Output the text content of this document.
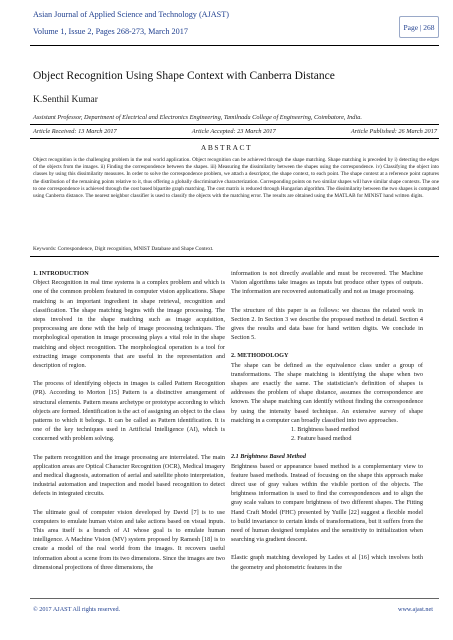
Asian Journal of Applied Science and Technology (AJAST)
Volume 1, Issue 2, Pages 268-273, March 2017	Page | 268
Object Recognition Using Shape Context with Canberra Distance
K.Senthil Kumar
Assistant Professor, Department of Electrical and Electronics Engineering, Tamilnadu College of Engineering, Coimbatore, India.
Article Received: 13 March 2017	Article Accepted: 23 March 2017	Article Published: 26 March 2017
ABSTRACT
Object recognition is the challenging problem in the real world application. Object recognition can be achieved through the shape matching. Shape matching is preceded by i) detecting the edges of the objects from the images. ii) Finding the correspondence between the shapes. iii) Measuring the dissimilarity between the shapes using the correspondence. iv) Classifying the object into classes by using this dissimilarity measures. In order to solve the correspondence problem, we attach a descriptor, the shape context, to each point. The shape context at a reference point captures the distribution of the remaining points relative to it, thus offering a globally discriminative characterization. Corresponding points on two similar shapes will have similar shape contexts. The one to one correspondence is achieved through the cost based bipartite graph matching. The cost matrix is reduced through Hungarian algorithm. The dissimilarity between the two shapes is computed using Canberra distance. The nearest neighbor classifier is used to classify the objects with the matching error. The results are obtained using the MATLAB for MINIST hand written digits.
Keywords: Correspondence, Digit recognition, MNIST Database and Shape Context.

1. INTRODUCTION

Object Recognition in real time systems is a complex problem and which is one of the common problem featured in computer vision applications. Shape matching is an important ingredient in shape retrieval, recognition and classification. The shape matching begins with the image processing. The steps involved in the shape matching such as image acquisition, preprocessing are done with the help of image processing techniques. The morphological operation in image processing plays a vital role in the shape matching and object recognition. The morphological operation is a tool for extracting image components that are useful in the representation and description of region.

The process of identifying objects in images is called Pattern Recognition (PR). According to Morton [15] Pattern is a distinctive arrangement of structural elements. Pattern means archetype or prototype according to which objects are formed. Identification is the act of assigning an object to the class patterns to which it belongs. It can be called as Pattern identification. It is one of the key techniques used in Artificial Intelligence (AI), which is concerned with problem solving.

The pattern recognition and the image processing are interrelated. The main application areas are Optical Character Recognition (OCR), Medical imagery and medical diagnosis, automation of aerial and satellite photo interpretation, industrial automation and inspection and model based recognition to detect defects in integrated circuits.

The ultimate goal of computer vision developed by David [7] is to use computers to emulate human vision and take actions based on visual inputs. This area itself is a branch of AI whose goal is to emulate human intelligence. A Machine Vision (MV) system proposed by Ramesh [18] is to create a model of the real world from the images. It recovers useful information about a scene from its two dimensions. Since the images are two dimensional projections of three dimensions, the

information is not directly available and must be recovered. The Machine Vision algorithms take images as inputs but produce other types of outputs. The information are recovered automatically and not as image processing.

The structure of this paper is as follows: we discuss the related work in Section 2. In Section 3 we describe the proposed method in detail. Section 4 gives the results and data base for hand written digits. We conclude in Section 5.

2. METHODOLOGY

The shape can be defined as the equivalence class under a group of transformations. The shape matching is identifying the shape when two shapes are exactly the same. The statistician’s definition of shapes is addresses the problem of shape distance, assumes the correspondence are known. The shape matching can identify without finding the correspondence by using the intensity based technique. An extensive survey of shape matching in a computer can broadly classified into two approaches.

1. Brightness based method
2. Feature based method

2.1 Brightness Based Method

Brightness based or appearance based method is a complementary view to feature based methods. Instead of focusing on the shape this approach make direct use of gray values within the visible portion of the objects. The brightness information is used to find the correspondences and to align the gray scale values to compare brightness of two different shapes. The Fitting Hand Craft Model (FHC) presented by Yuille [22] suggest a flexible model to build invariance to certain kinds of transformations, but it suffers from the need of human designed templates and the sensitivity to initialization when searching via gradient descent.

Elastic graph matching developed by Lades et al [16] which involves both the geometry and photometric features in the

© 2017 AJAST All rights reserved.	www.ajast.net
